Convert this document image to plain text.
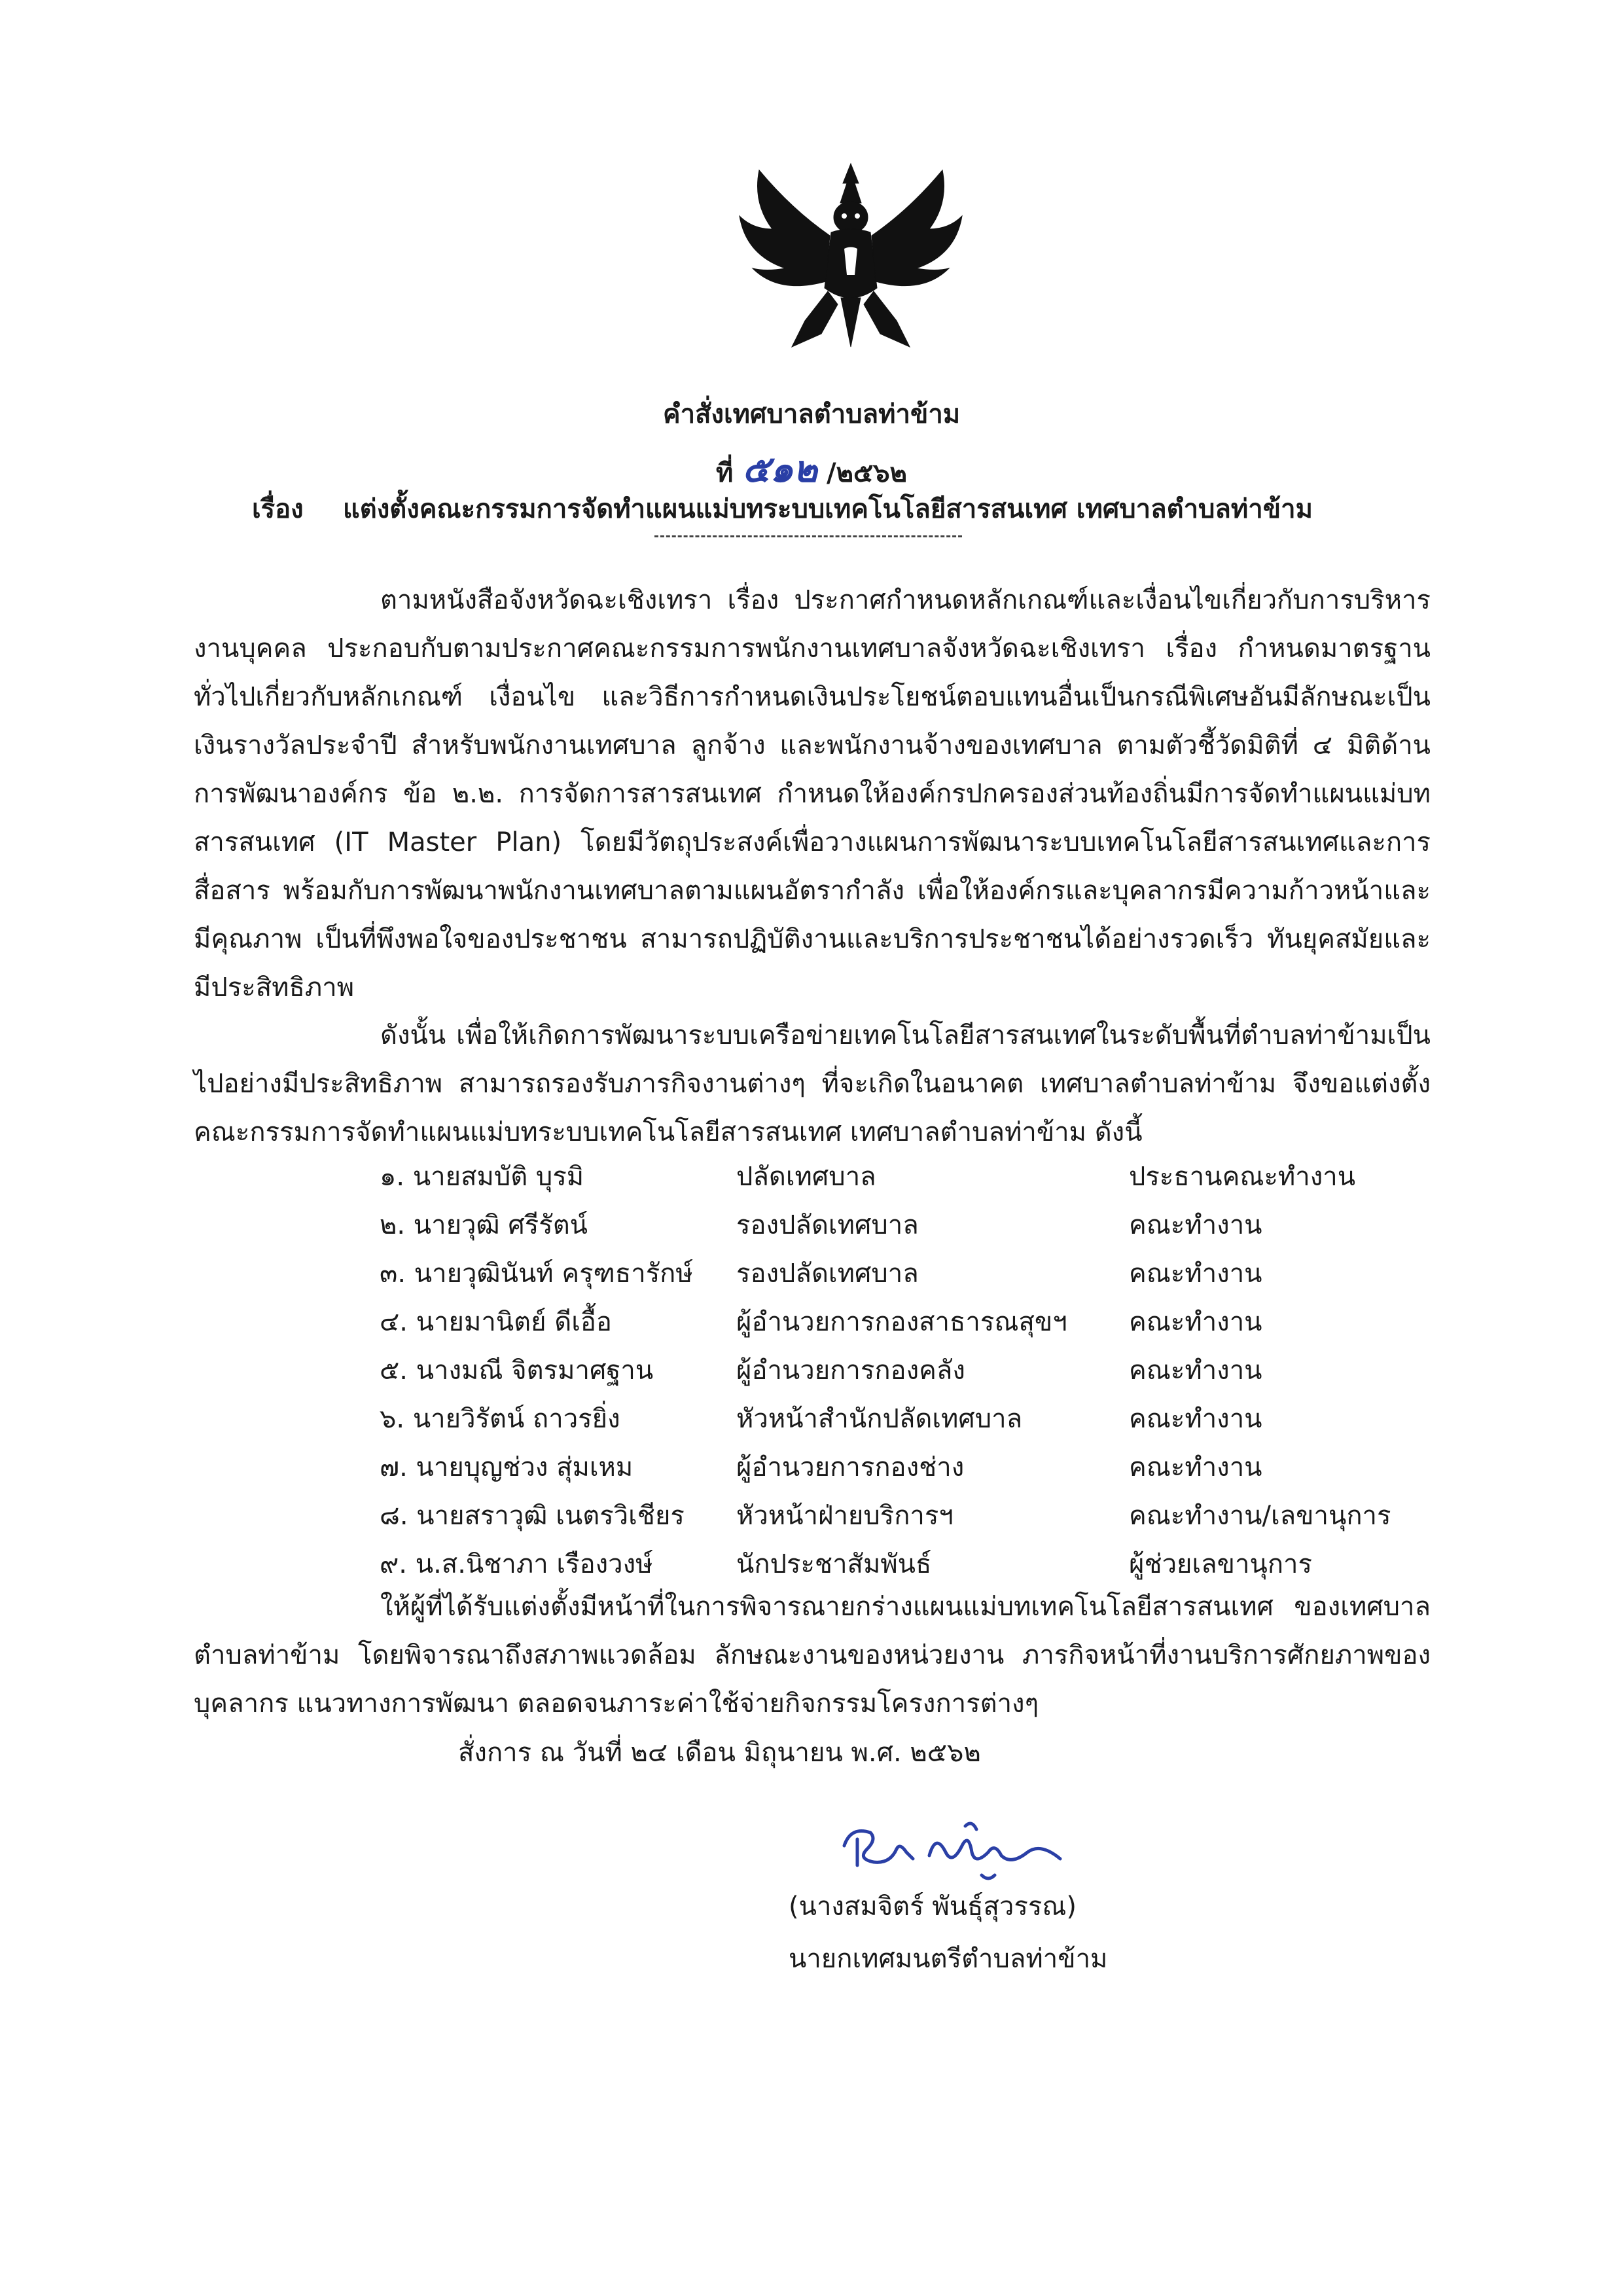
คำสั่งเทศบาลตำบลท่าข้าม
ที่ ๕๑๒ /๒๕๖๒
เรื่อง แต่งตั้งคณะกรรมการจัดทำแผนแม่บทระบบเทคโนโลยีสารสนเทศ เทศบาลตำบลท่าข้าม

ตามหนังสือจังหวัดฉะเชิงเทรา เรื่อง ประกาศกำหนดหลักเกณฑ์และเงื่อนไขเกี่ยวกับการบริหารงานบุคคล ประกอบกับตามประกาศคณะกรรมการพนักงานเทศบาลจังหวัดฉะเชิงเทรา เรื่อง กำหนดมาตรฐานทั่วไปเกี่ยวกับหลักเกณฑ์ เงื่อนไข และวิธีการกำหนดเงินประโยชน์ตอบแทนอื่นเป็นกรณีพิเศษอันมีลักษณะเป็นเงินรางวัลประจำปี สำหรับพนักงานเทศบาล ลูกจ้าง และพนักงานจ้างของเทศบาล ตามตัวชี้วัดมิติที่ ๔ มิติด้านการพัฒนาองค์กร ข้อ ๒.๒. การจัดการสารสนเทศ กำหนดให้องค์กรปกครองส่วนท้องถิ่นมีการจัดทำแผนแม่บทสารสนเทศ (IT Master Plan) โดยมีวัตถุประสงค์เพื่อวางแผนการพัฒนาระบบเทคโนโลยีสารสนเทศและการสื่อสาร พร้อมกับการพัฒนาพนักงานเทศบาลตามแผนอัตรากำลัง เพื่อให้องค์กรและบุคลากรมีความก้าวหน้าและมีคุณภาพ เป็นที่พึงพอใจของประชาชน สามารถปฏิบัติงานและบริการประชาชนได้อย่างรวดเร็ว ทันยุคสมัยและมีประสิทธิภาพ

ดังนั้น เพื่อให้เกิดการพัฒนาระบบเครือข่ายเทคโนโลยีสารสนเทศในระดับพื้นที่ตำบลท่าข้ามเป็นไปอย่างมีประสิทธิภาพ สามารถรองรับภารกิจงานต่างๆ ที่จะเกิดในอนาคต เทศบาลตำบลท่าข้าม จึงขอแต่งตั้งคณะกรรมการจัดทำแผนแม่บทระบบเทคโนโลยีสารสนเทศ เทศบาลตำบลท่าข้าม ดังนี้

๑. นายสมบัติ บุรมิ	ปลัดเทศบาล	ประธานคณะทำงาน
๒. นายวุฒิ ศรีรัตน์	รองปลัดเทศบาล	คณะทำงาน
๓. นายวุฒินันท์ ครุฑธารักษ์	รองปลัดเทศบาล	คณะทำงาน
๔. นายมานิตย์ ดีเอื้อ	ผู้อำนวยการกองสาธารณสุขฯ	คณะทำงาน
๕. นางมณี จิตรมาศฐาน	ผู้อำนวยการกองคลัง	คณะทำงาน
๖. นายวิรัตน์ ถาวรยิ่ง	หัวหน้าสำนักปลัดเทศบาล	คณะทำงาน
๗. นายบุญช่วง สุ่มเหม	ผู้อำนวยการกองช่าง	คณะทำงาน
๘. นายสราวุฒิ เนตรวิเชียร	หัวหน้าฝ่ายบริการฯ	คณะทำงาน/เลขานุการ
๙. น.ส.นิชาภา เรืองวงษ์	นักประชาสัมพันธ์	ผู้ช่วยเลขานุการ

ให้ผู้ที่ได้รับแต่งตั้งมีหน้าที่ในการพิจารณายกร่างแผนแม่บทเทคโนโลยีสารสนเทศ ของเทศบาลตำบลท่าข้าม โดยพิจารณาถึงสภาพแวดล้อม ลักษณะงานของหน่วยงาน ภารกิจหน้าที่งานบริการศักยภาพของบุคลากร แนวทางการพัฒนา ตลอดจนภาระค่าใช้จ่ายกิจกรรมโครงการต่างๆ

สั่งการ ณ วันที่ ๒๔ เดือน มิถุนายน พ.ศ. ๒๕๖๒
(นางสมจิตร์ พันธุ์สุวรรณ)
นายกเทศมนตรีตำบลท่าข้าม
